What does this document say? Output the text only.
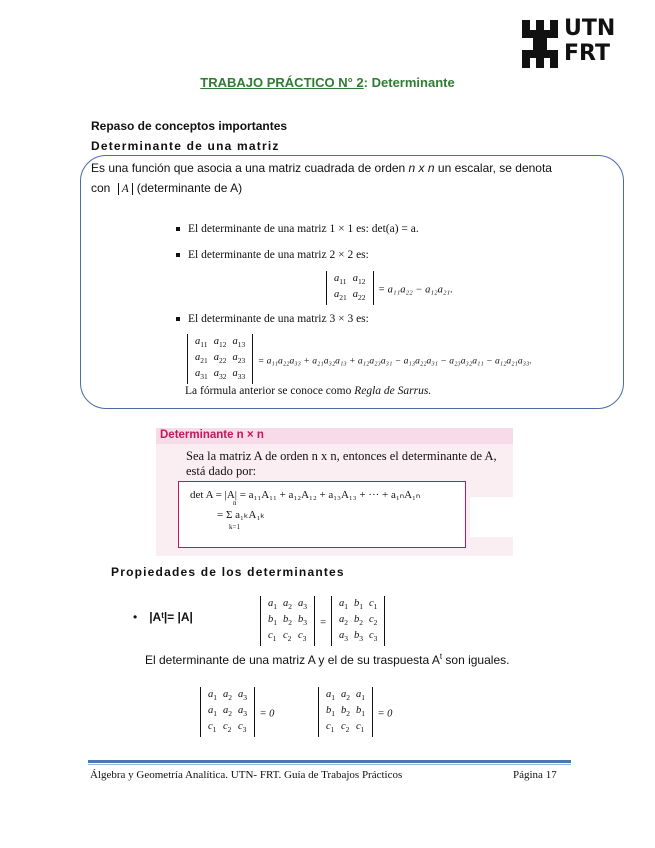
UTN
FRT
TRABAJO PRÁCTICO N° 2: Determinante
Repaso de conceptos importantes
Determinante de una matriz
Es una función que asocia a una matriz cuadrada de orden n x n un escalar, se denota
con A (determinante de A)
El determinante de una matriz 1 × 1 es: det(a) = a.
El determinante de una matriz 2 × 2 es:
$a_{11}$	$a_{12}$
$a_{21}$	$a_{22}$
= a₁₁a₂₂ − a₁₂a₂₁.
El determinante de una matriz 3 × 3 es:
$a_{11}$	$a_{12}$	$a_{13}$
$a_{21}$	$a_{22}$	$a_{23}$
$a_{31}$	$a_{32}$	$a_{33}$
= a₁₁a₂₂a₃₃ + a₂₁a₃₂a₁₃ + a₁₂a₂₃a₃₁ − a₁₃a₂₂a₃₁ − a₂₃a₃₂a₁₁ − a₁₂a₂₁a₃₃.
La fórmula anterior se conoce como Regla de Sarrus.
Determinante n × n
Sea la matriz A de orden n x n, entonces el determinante de A,
está dado por:
det A = |A| = a₁₁A₁₁ + a₁₂A₁₂ + a₁₃A₁₃ + ··· + a₁ₙA₁ₙ
= Σ a₁ₖA₁ₖ
n
k=1
Propiedades de los determinantes
• |Aᵗ|= |A|
$a_1$	$a_2$	$a_3$
$b_1$	$b_2$	$b_3$
$c_1$	$c_2$	$c_3$
=
$a_1$	$b_1$	$c_1$
$a_2$	$b_2$	$c_2$
$a_3$	$b_3$	$c_3$
El determinante de una matriz A y el de su traspuesta $A^t$ son iguales.
$a_1$	$a_2$	$a_3$
$a_1$	$a_2$	$a_3$
$c_1$	$c_2$	$c_3$
= 0
$a_1$	$a_2$	$a_1$
$b_1$	$b_2$	$b_1$
$c_1$	$c_2$	$c_1$
= 0
Álgebra y Geometría Analítica. UTN- FRT. Guía de Trabajos Prácticos	Página 17
